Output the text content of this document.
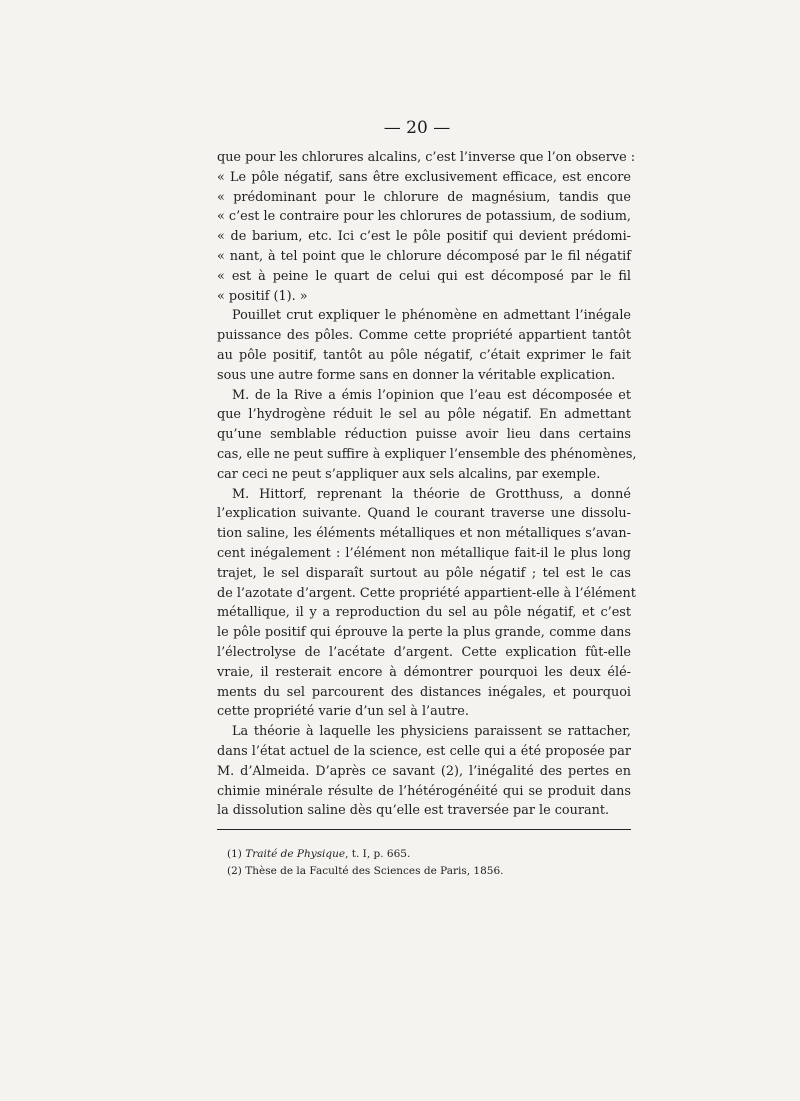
— 20 —
que pour les chlorures alcalins, c’est l’inverse que l’on observe :
« Le pôle négatif, sans être exclusivement efficace, est encore
« prédominant pour le chlorure de magnésium, tandis que
« c’est le contraire pour les chlorures de potassium, de sodium,
« de barium, etc. Ici c’est le pôle positif qui devient prédomi-
« nant, à tel point que le chlorure décomposé par le fil négatif
« est à peine le quart de celui qui est décomposé par le fil
« positif (1). »
Pouillet crut expliquer le phénomène en admettant l’inégale
puissance des pôles. Comme cette propriété appartient tantôt
au pôle positif, tantôt au pôle négatif, c’était exprimer le fait
sous une autre forme sans en donner la véritable explication.
M. de la Rive a émis l’opinion que l’eau est décomposée et
que l’hydrogène réduit le sel au pôle négatif. En admettant
qu’une semblable réduction puisse avoir lieu dans certains
cas, elle ne peut suffire à expliquer l’ensemble des phénomènes,
car ceci ne peut s’appliquer aux sels alcalins, par exemple.
M. Hittorf, reprenant la théorie de Grotthuss, a donné
l’explication suivante. Quand le courant traverse une dissolu-
tion saline, les éléments métalliques et non métalliques s’avan-
cent inégalement : l’élément non métallique fait-il le plus long
trajet, le sel disparaît surtout au pôle négatif ; tel est le cas
de l’azotate d’argent. Cette propriété appartient-elle à l’élément
métallique, il y a reproduction du sel au pôle négatif, et c’est
le pôle positif qui éprouve la perte la plus grande, comme dans
l’électrolyse de l’acétate d’argent. Cette explication fût-elle
vraie, il resterait encore à démontrer pourquoi les deux élé-
ments du sel parcourent des distances inégales, et pourquoi
cette propriété varie d’un sel à l’autre.
La théorie à laquelle les physiciens paraissent se rattacher,
dans l’état actuel de la science, est celle qui a été proposée par
M. d’Almeida. D’après ce savant (2), l’inégalité des pertes en
chimie minérale résulte de l’hétérogénéité qui se produit dans
la dissolution saline dès qu’elle est traversée par le courant.
(1) Traité de Physique, t. I, p. 665.
(2) Thèse de la Faculté des Sciences de Paris, 1856.
